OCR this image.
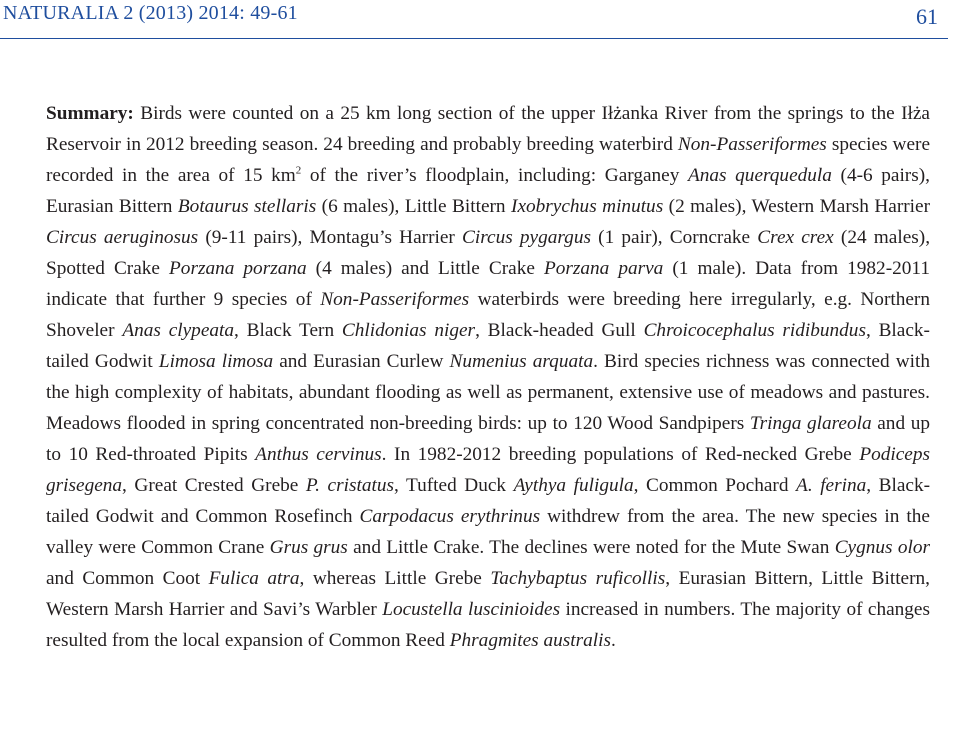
NATURALIA 2 (2013) 2014: 49-61	61

Summary: Birds were counted on a 25 km long section of the upper Iłżanka River from the springs to the Iłża Reservoir in 2012 breeding season. 24 breeding and probably breeding waterbird Non-Passeriformes species were recorded in the area of 15 $km^2$ of the river’s floodplain, including: Garganey Anas querquedula (4-6 pairs), Eurasian Bittern Botaurus stellaris (6 males), Little Bittern Ixobrychus minutus (2 males), Western Marsh Harrier Circus aeruginosus (9-11 pairs), Montagu’s Harrier Circus pygargus (1 pair), Corncrake Crex crex (24 males), Spotted Crake Porzana porzana (4 males) and Little Crake Porzana parva (1 male). Data from 1982-2011 indicate that further 9 species of Non-Passeriformes waterbirds were breeding here irregularly, e.g. Northern Shoveler Anas clypeata, Black Tern Chlidonias niger, Black-headed Gull Chroicocephalus ridibundus, Black-tailed Godwit Limosa limosa and Eurasian Curlew Numenius arquata. Bird species richness was connected with the high complexity of habitats, abundant flooding as well as permanent, extensive use of meadows and pastures. Meadows flooded in spring concentrated non-breeding birds: up to 120 Wood Sandpipers Tringa glareola and up to 10 Red-throated Pipits Anthus cervinus. In 1982-2012 breeding populations of Red-necked Grebe Podiceps grisegena, Great Crested Grebe P. cristatus, Tufted Duck Aythya fuligula, Common Pochard A. ferina, Black-tailed Godwit and Common Rosefinch Carpodacus erythrinus withdrew from the area. The new species in the valley were Common Crane Grus grus and Little Crake. The declines were noted for the Mute Swan Cygnus olor and Common Coot Fulica atra, whereas Little Grebe Tachybaptus ruficollis, Eurasian Bittern, Little Bittern, Western Marsh Harrier and Savi’s Warbler Locustella luscinioides increased in numbers. The majority of changes resulted from the local expansion of Common Reed Phragmites australis.
